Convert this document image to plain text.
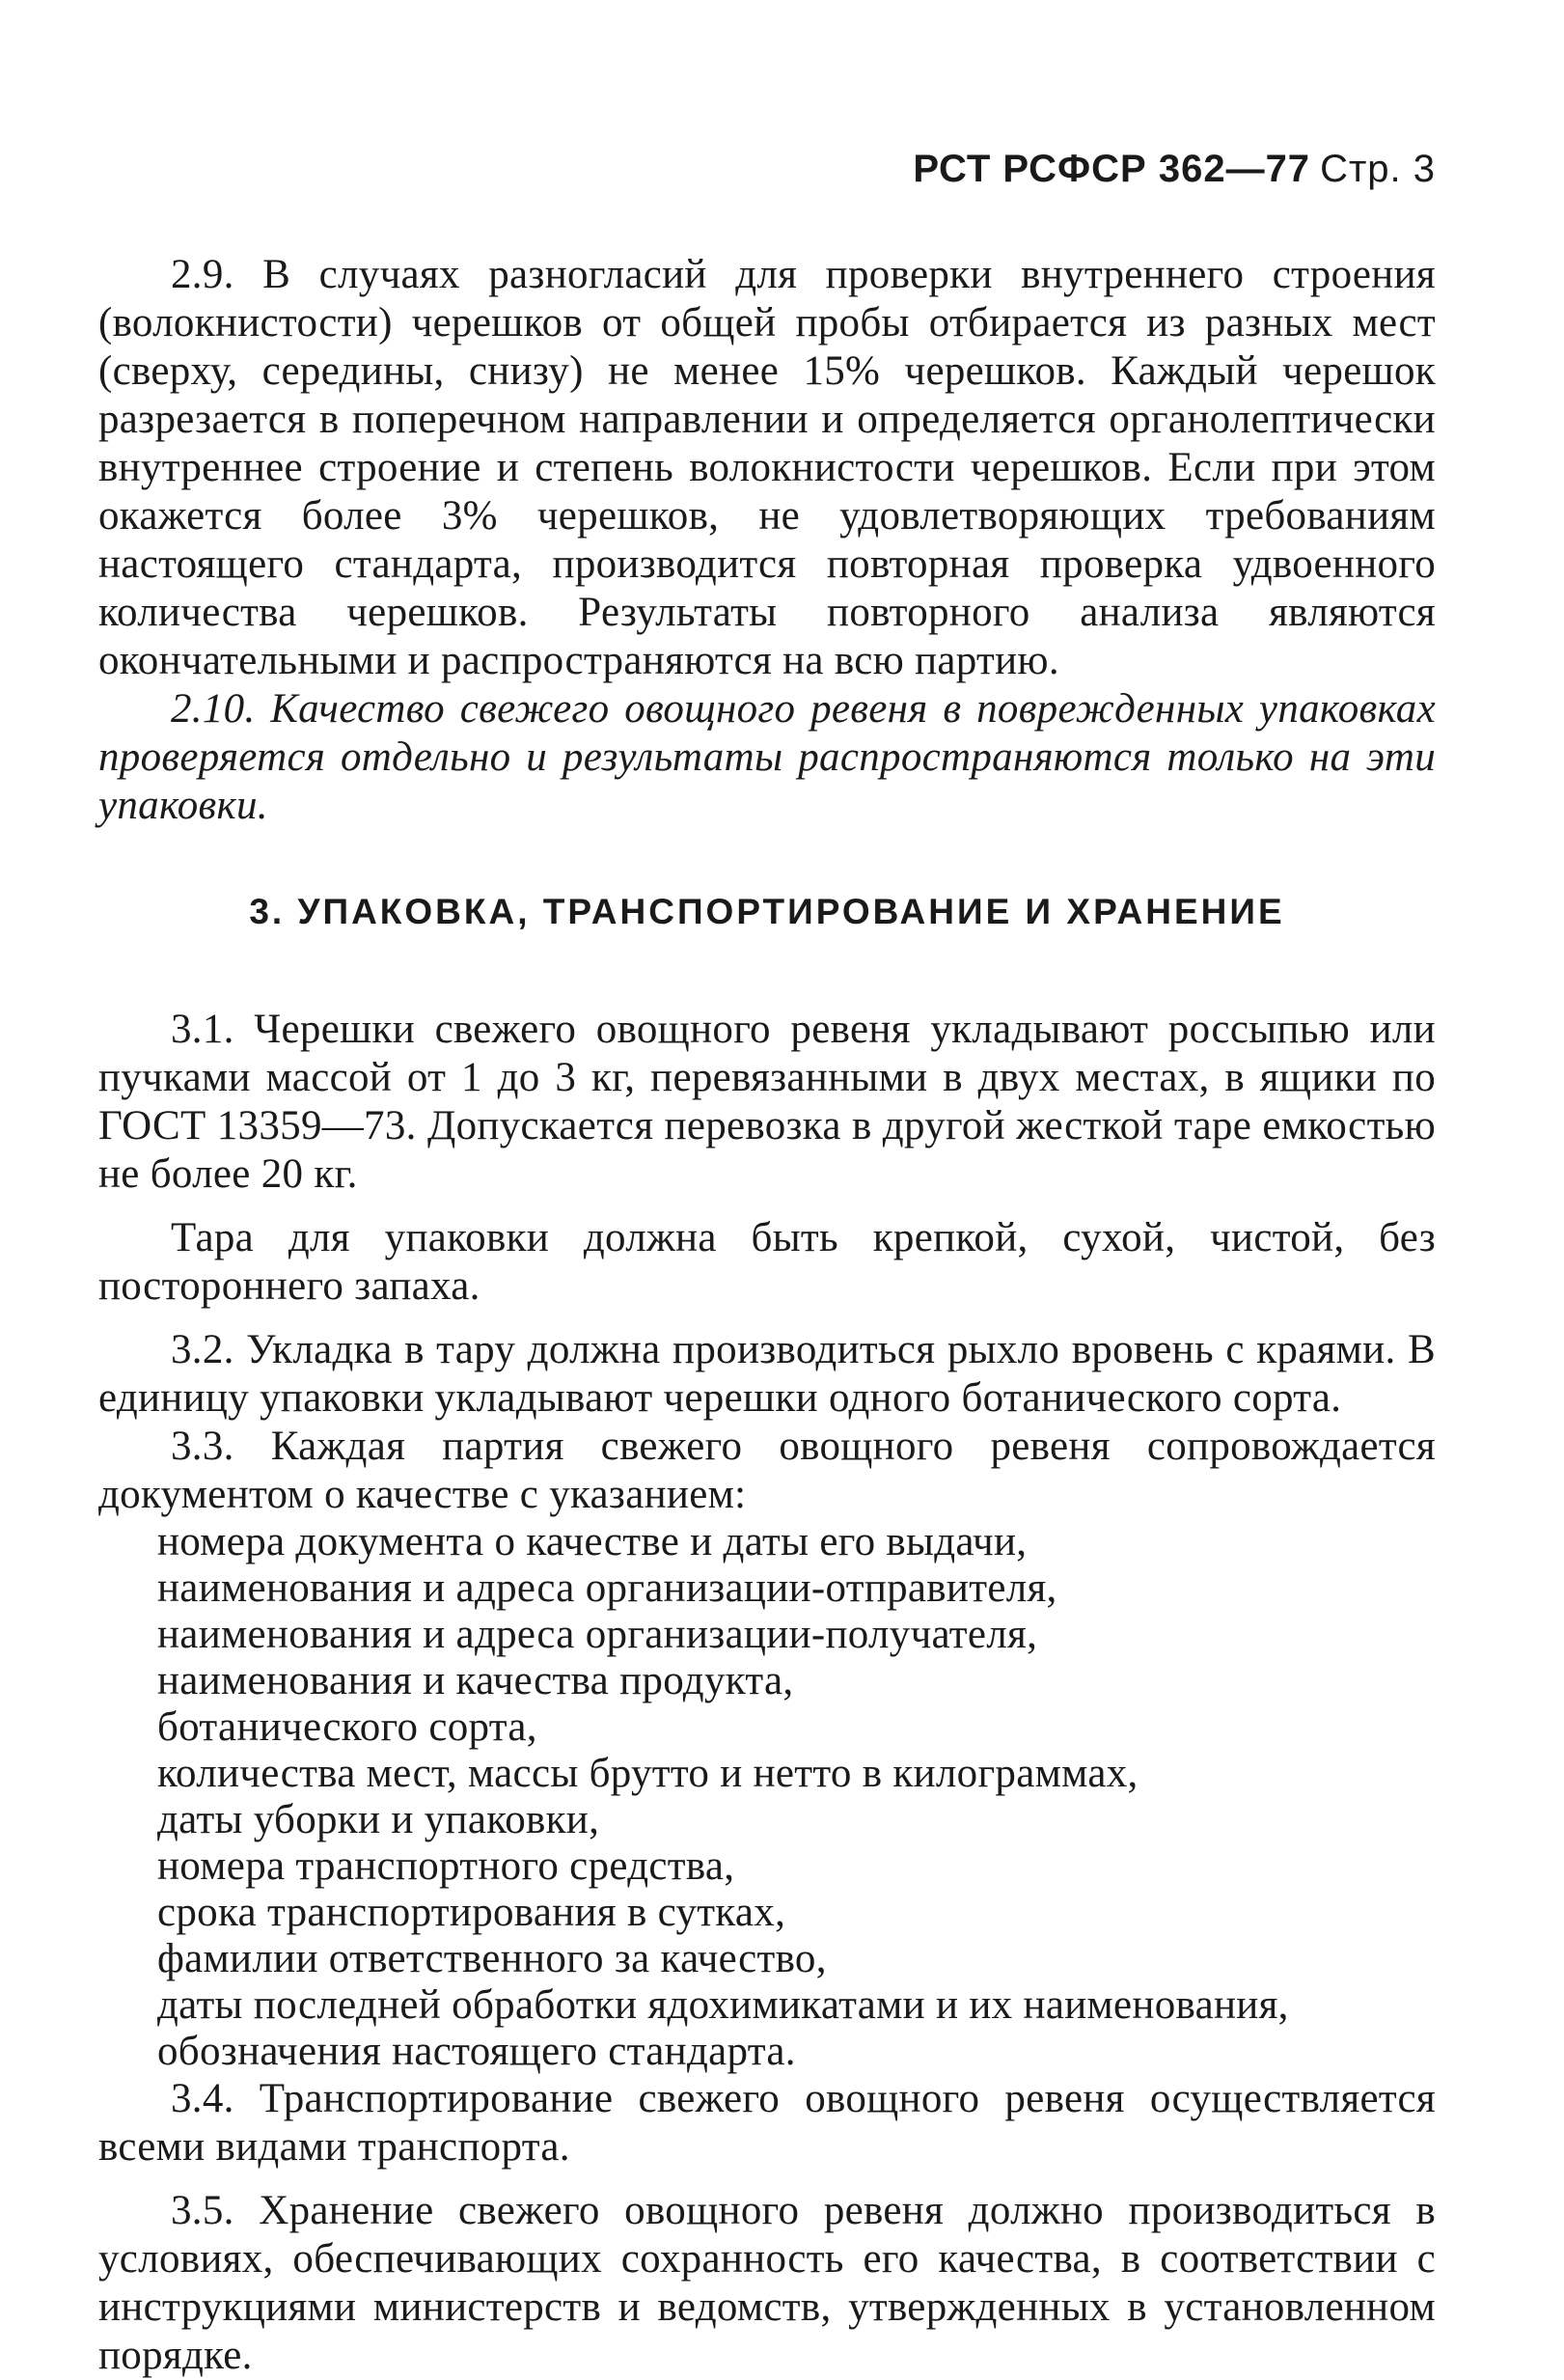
РСТ РСФСР 362—77 Стр. 3

2.9. В случаях разногласий для проверки внутреннего строения (волокнистости) черешков от общей пробы отбирается из разных мест (сверху, середины, снизу) не менее 15% черешков. Каждый черешок разрезается в поперечном направлении и определяется органолептически внутреннее строение и степень волокнистости черешков. Если при этом окажется более 3% черешков, не удовлетворяющих требованиям настоящего стандарта, производится повторная проверка удвоенного количества черешков. Результаты повторного анализа являются окончательными и распространяются на всю партию.

2.10. Качество свежего овощного ревеня в поврежденных упаковках проверяется отдельно и результаты распространяются только на эти упаковки.

3. УПАКОВКА, ТРАНСПОРТИРОВАНИЕ И ХРАНЕНИЕ

3.1. Черешки свежего овощного ревеня укладывают россыпью или пучками массой от 1 до 3 кг, перевязанными в двух местах, в ящики по ГОСТ 13359—73. Допускается перевозка в другой жесткой таре емкостью не более 20 кг.

Тара для упаковки должна быть крепкой, сухой, чистой, без постороннего запаха.

3.2. Укладка в тару должна производиться рыхло вровень с краями. В единицу упаковки укладывают черешки одного ботанического сорта.

3.3. Каждая партия свежего овощного ревеня сопровождается документом о качестве с указанием:

номера документа о качестве и даты его выдачи,
наименования и адреса организации-отправителя,
наименования и адреса организации-получателя,
наименования и качества продукта,
ботанического сорта,
количества мест, массы брутто и нетто в килограммах,
даты уборки и упаковки,
номера транспортного средства,
срока транспортирования в сутках,
фамилии ответственного за качество,
даты последней обработки ядохимикатами и их наименования,
обозначения настоящего стандарта.

3.4. Транспортирование свежего овощного ревеня осуществляется всеми видами транспорта.

3.5. Хранение свежего овощного ревеня должно производиться в условиях, обеспечивающих сохранность его качества, в соответствии с инструкциями министерств и ведомств, утвержденных в установленном порядке.
